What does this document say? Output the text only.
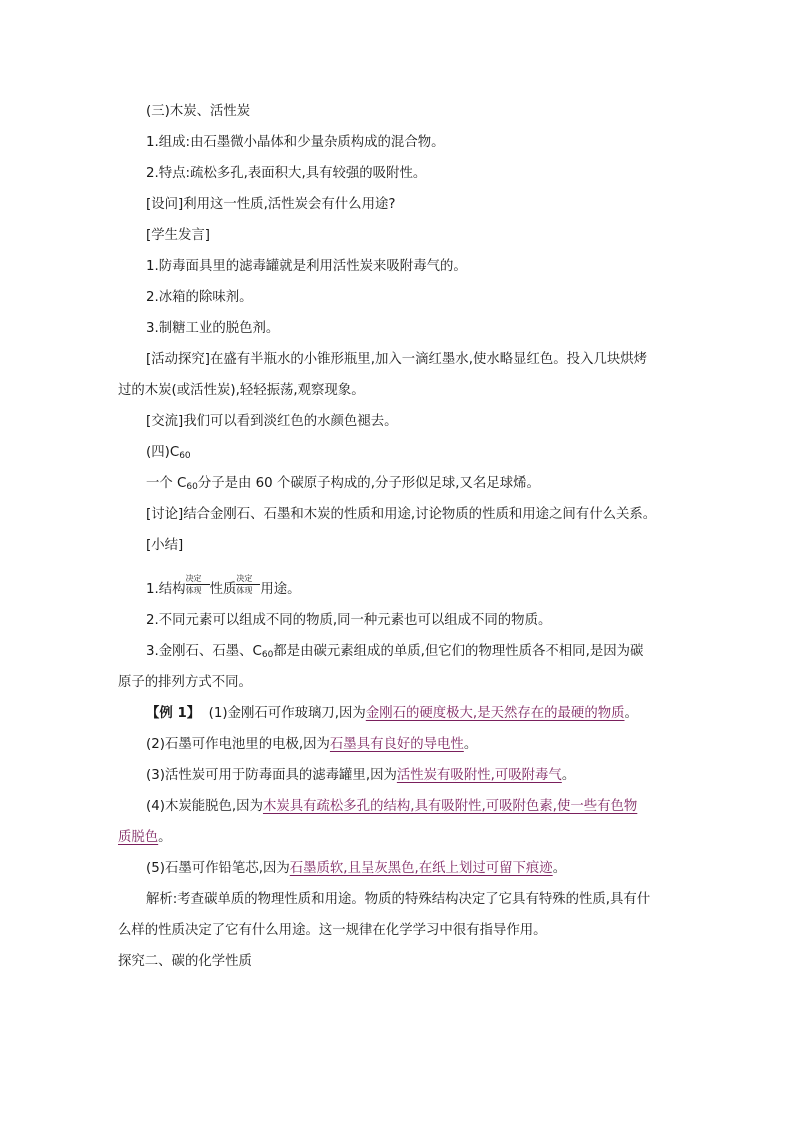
(三)木炭、活性炭
1.组成:由石墨微小晶体和少量杂质构成的混合物。
2.特点:疏松多孔,表面积大,具有较强的吸附性。
[设问]利用这一性质,活性炭会有什么用途?
[学生发言]
1.防毒面具里的滤毒罐就是利用活性炭来吸附毒气的。
2.冰箱的除味剂。
3.制糖工业的脱色剂。
[活动探究]在盛有半瓶水的小锥形瓶里,加入一滴红墨水,使水略显红色。投入几块烘烤
过的木炭(或活性炭),轻轻振荡,观察现象。
[交流]我们可以看到淡红色的水颜色褪去。
(四)$C_{60}$
一个 $C_{60}$分子是由 60 个碳原子构成的,分子形似足球,又名足球烯。
[讨论]结合金刚石、石墨和木炭的性质和用途,讨论物质的性质和用途之间有什么关系。
[小结]
1.结构
决定
体现 性质
决定
体现 用途。
2.不同元素可以组成不同的物质,同一种元素也可以组成不同的物质。
3.金刚石、石墨、$C_{60}$都是由碳元素组成的单质,但它们的物理性质各不相同,是因为碳
原子的排列方式不同。
【例 1】 (1)金刚石可作玻璃刀,因为金刚石的硬度极大,是天然存在的最硬的物质。
(2)石墨可作电池里的电极,因为石墨具有良好的导电性。
(3)活性炭可用于防毒面具的滤毒罐里,因为活性炭有吸附性,可吸附毒气。
(4)木炭能脱色,因为木炭具有疏松多孔的结构,具有吸附性,可吸附色素,使一些有色物
质脱色。
(5)石墨可作铅笔芯,因为石墨质软,且呈灰黑色,在纸上划过可留下痕迹。
解析:考查碳单质的物理性质和用途。物质的特殊结构决定了它具有特殊的性质,具有什
么样的性质决定了它有什么用途。这一规律在化学学习中很有指导作用。
探究二、碳的化学性质
